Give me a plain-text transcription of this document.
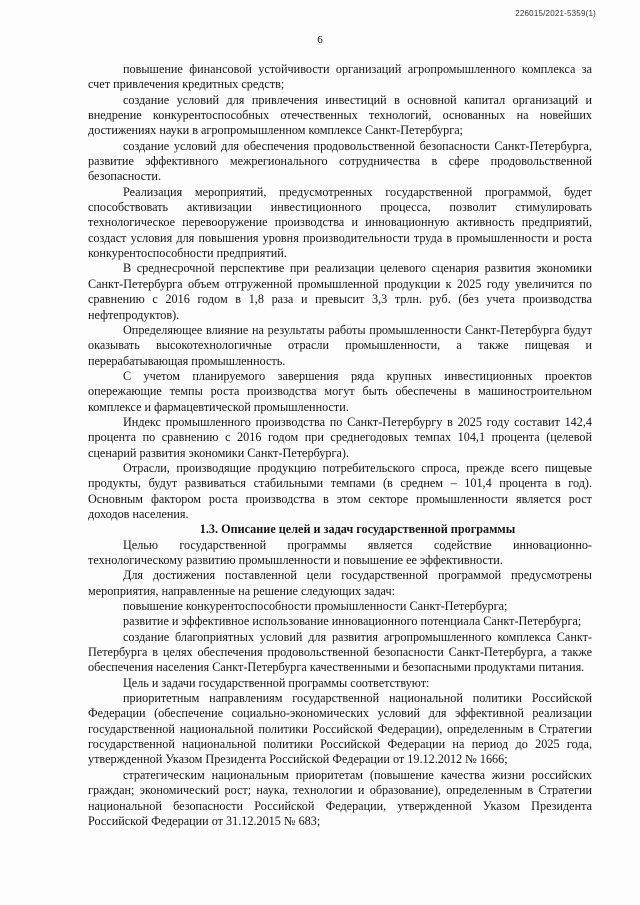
226015/2021-5359(1)
6

повышение финансовой устойчивости организаций агропромышленного комплекса за счет привлечения кредитных средств;

создание условий для привлечения инвестиций в основной капитал организаций и внедрение конкурентоспособных отечественных технологий, основанных на новейших достижениях науки в агропромышленном комплексе Санкт-Петербурга;

создание условий для обеспечения продовольственной безопасности Санкт-Петербурга, развитие эффективного межрегионального сотрудничества в сфере продовольственной безопасности.

Реализация мероприятий, предусмотренных государственной программой, будет способствовать активизации инвестиционного процесса, позволит стимулировать технологическое перевооружение производства и инновационную активность предприятий, создаст условия для повышения уровня производительности труда в промышленности и роста конкурентоспособности предприятий.

В среднесрочной перспективе при реализации целевого сценария развития экономики Санкт-Петербурга объем отгруженной промышленной продукции к 2025 году увеличится по сравнению с 2016 годом в 1,8 раза и превысит 3,3 трлн. руб. (без учета производства нефтепродуктов).

Определяющее влияние на результаты работы промышленности Санкт-Петербурга будут оказывать высокотехнологичные отрасли промышленности, а также пищевая и перерабатывающая промышленность.

С учетом планируемого завершения ряда крупных инвестиционных проектов опережающие темпы роста производства могут быть обеспечены в машиностроительном комплексе и фармацевтической промышленности.

Индекс промышленного производства по Санкт-Петербургу в 2025 году составит 142,4 процента по сравнению с 2016 годом при среднегодовых темпах 104,1 процента (целевой сценарий развития экономики Санкт-Петербурга).

Отрасли, производящие продукцию потребительского спроса, прежде всего пищевые продукты, будут развиваться стабильными темпами (в среднем – 101,4 процента в год). Основным фактором роста производства в этом секторе промышленности является рост доходов населения.

1.3. Описание целей и задач государственной программы

Целью государственной программы является содействие инновационно-технологическому развитию промышленности и повышение ее эффективности.

Для достижения поставленной цели государственной программой предусмотрены мероприятия, направленные на решение следующих задач:

повышение конкурентоспособности промышленности Санкт-Петербурга;

развитие и эффективное использование инновационного потенциала Санкт-Петербурга;

создание благоприятных условий для развития агропромышленного комплекса Санкт-Петербурга в целях обеспечения продовольственной безопасности Санкт-Петербурга, а также обеспечения населения Санкт-Петербурга качественными и безопасными продуктами питания.

Цель и задачи государственной программы соответствуют:

приоритетным направлениям государственной национальной политики Российской Федерации (обеспечение социально-экономических условий для эффективной реализации государственной национальной политики Российской Федерации), определенным в Стратегии государственной национальной политики Российской Федерации на период до 2025 года, утвержденной Указом Президента Российской Федерации от 19.12.2012 № 1666;

стратегическим национальным приоритетам (повышение качества жизни российских граждан; экономический рост; наука, технологии и образование), определенным в Стратегии национальной безопасности Российской Федерации, утвержденной Указом Президента Российской Федерации от 31.12.2015 № 683;
